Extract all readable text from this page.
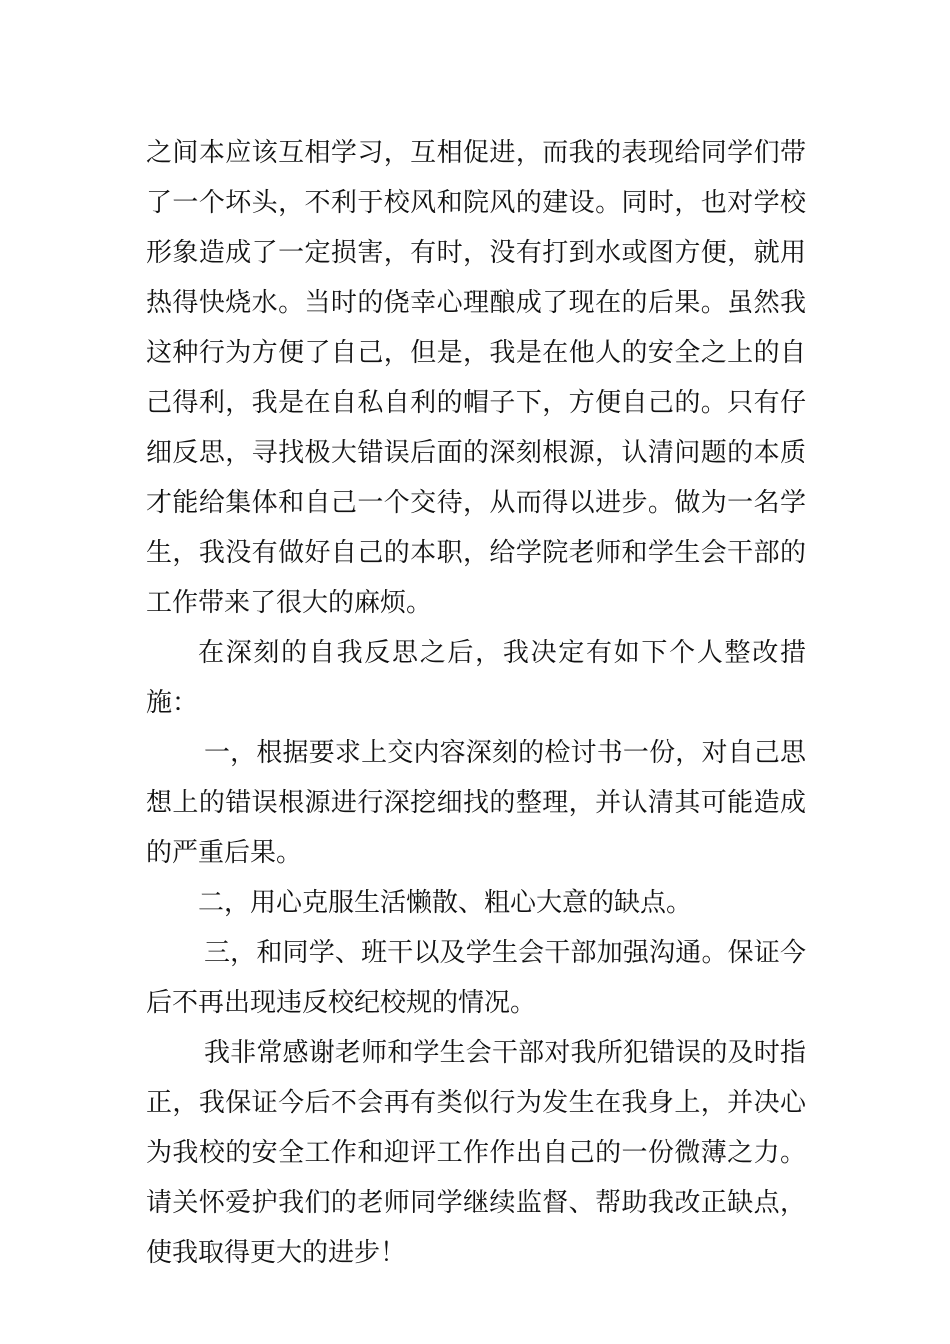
之间本应该互相学习，互相促进，而我的表现给同学们带了一个坏头，不利于校风和院风的建设。同时，也对学校形象造成了一定损害，有时，没有打到水或图方便，就用热得快烧水。当时的侥幸心理酿成了现在的后果。虽然我这种行为方便了自己，但是，我是在他人的安全之上的自己得利，我是在自私自利的帽子下，方便自己的。只有仔细反思，寻找极大错误后面的深刻根源，认清问题的本质才能给集体和自己一个交待，从而得以进步。做为一名学生，我没有做好自己的本职，给学院老师和学生会干部的工作带来了很大的麻烦。

在深刻的自我反思之后，我决定有如下个人整改措施：

一，根据要求上交内容深刻的检讨书一份，对自己思想上的错误根源进行深挖细找的整理，并认清其可能造成的严重后果。

二，用心克服生活懒散、粗心大意的缺点。

三，和同学、班干以及学生会干部加强沟通。保证今后不再出现违反校纪校规的情况。

我非常感谢老师和学生会干部对我所犯错误的及时指正，我保证今后不会再有类似行为发生在我身上，并决心为我校的安全工作和迎评工作作出自己的一份微薄之力。请关怀爱护我们的老师同学继续监督、帮助我改正缺点，使我取得更大的进步！
